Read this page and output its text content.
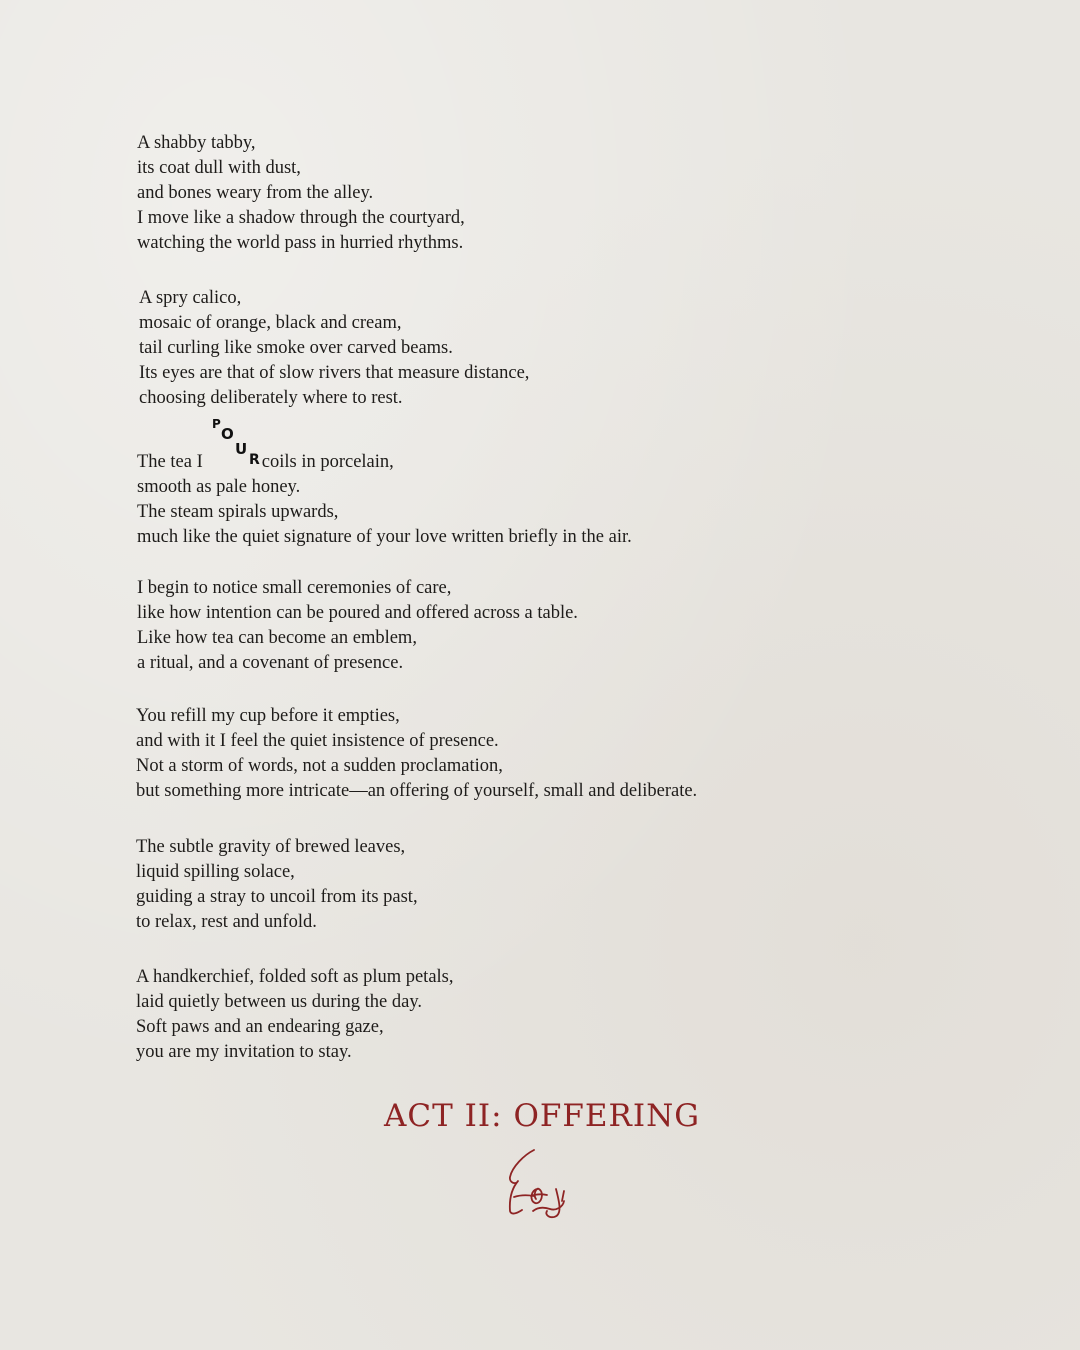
A shabby tabby,
its coat dull with dust,
and bones weary from the alley.
I move like a shadow through the courtyard,
watching the world pass in hurried rhythms.
A spry calico,
mosaic of orange, black and cream,
tail curling like smoke over carved beams.
Its eyes are that of slow rivers that measure distance,
choosing deliberately where to rest.
P
O
U
R
The tea I	coils in porcelain,
smooth as pale honey.
The steam spirals upwards,
much like the quiet signature of your love written briefly in the air.
I begin to notice small ceremonies of care,
like how intention can be poured and offered across a table.
Like how tea can become an emblem,
a ritual, and a covenant of presence.
You refill my cup before it empties,
and with it I feel the quiet insistence of presence.
Not a storm of words, not a sudden proclamation,
but something more intricate—an offering of yourself, small and deliberate.
The subtle gravity of brewed leaves,
liquid spilling solace,
guiding a stray to uncoil from its past,
to relax, rest and unfold.
A handkerchief, folded soft as plum petals,
laid quietly between us during the day.
Soft paws and an endearing gaze,
you are my invitation to stay.
ACT II: OFFERING
